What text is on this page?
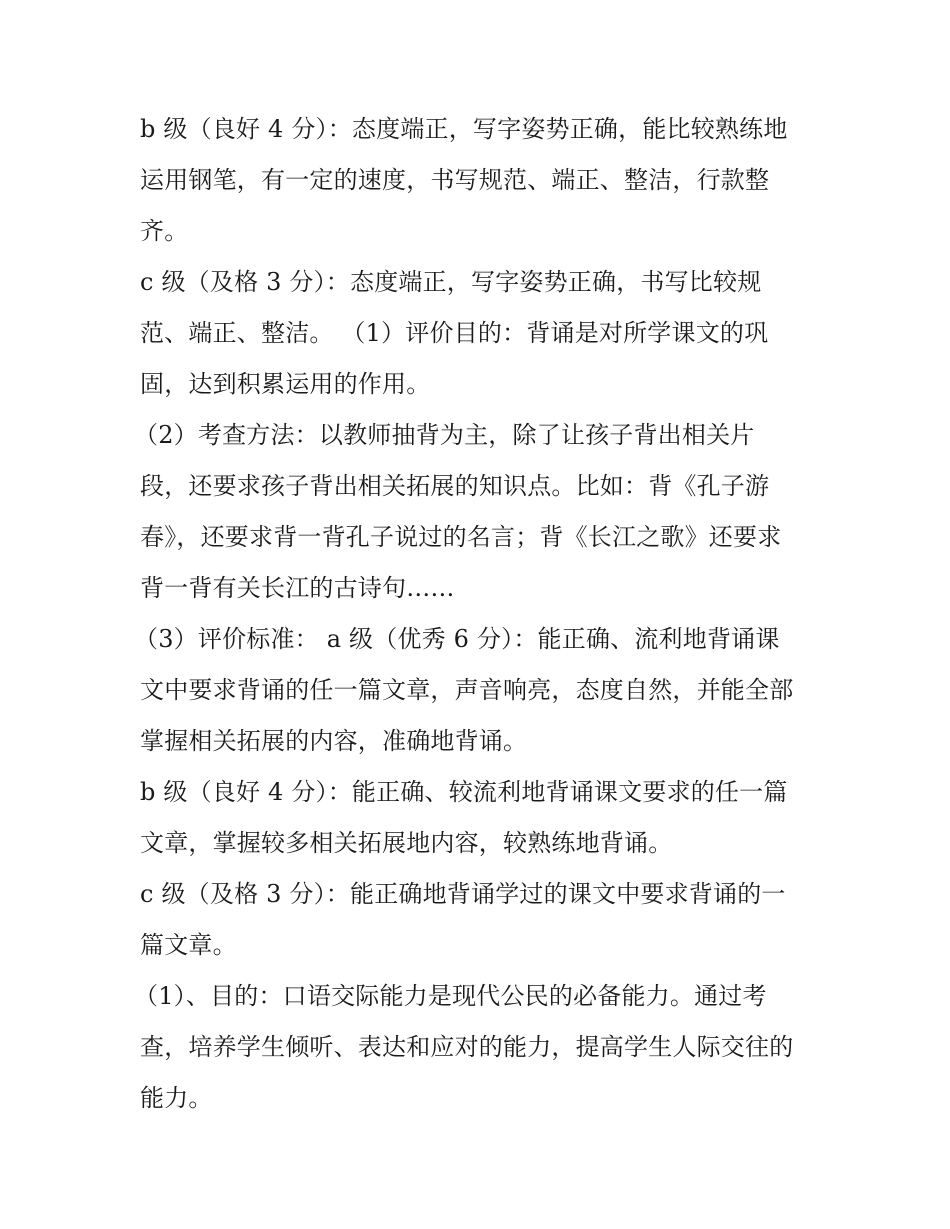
b 级（良好 4 分）：态度端正，写字姿势正确，能比较熟练地
运用钢笔，有一定的速度，书写规范、端正、整洁，行款整
齐。

c 级（及格 3 分）：态度端正，写字姿势正确，书写比较规
范、端正、整洁。 （1）评价目的：背诵是对所学课文的巩
固，达到积累运用的作用。

（2）考查方法：以教师抽背为主，除了让孩子背出相关片
段，还要求孩子背出相关拓展的知识点。比如：背《孔子游
春》，还要求背一背孔子说过的名言；背《长江之歌》还要求
背一背有关长江的古诗句……

（3）评价标准： a 级（优秀 6 分）：能正确、流利地背诵课
文中要求背诵的任一篇文章，声音响亮，态度自然，并能全部
掌握相关拓展的内容，准确地背诵。

b 级（良好 4 分）：能正确、较流利地背诵课文要求的任一篇
文章，掌握较多相关拓展地内容，较熟练地背诵。

c 级（及格 3 分）：能正确地背诵学过的课文中要求背诵的一
篇文章。

（1）、目的：口语交际能力是现代公民的必备能力。通过考
查，培养学生倾听、表达和应对的能力，提高学生人际交往的
能力。
